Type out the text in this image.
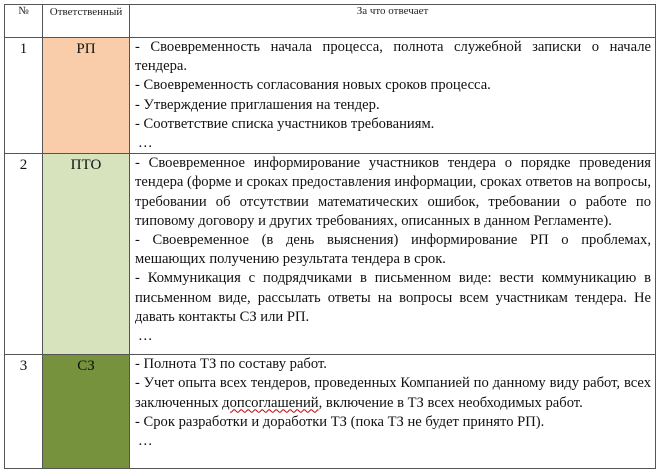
№	Ответственный	За что отвечает
1	РП	- Своевременность начала процесса, полнота служебной записки о начале тендера.

- Своевременность согласования новых сроков процесса.

- Утверждение приглашения на тендер.

- Соответствие списка участников требованиям.

…

2	ПТО	- Своевременное информирование участников тендера о порядке проведения тендера (форме и сроках предоставления информации, сроках ответов на вопросы, требовании об отсутствии математических ошибок, требовании о работе по типовому договору и других требованиях, описанных в данном Регламенте).

- Своевременное (в день выяснения) информирование РП о проблемах, мешающих получению результата тендера в срок.

- Коммуникация с подрядчиками в письменном виде: вести коммуникацию в письменном виде, рассылать ответы на вопросы всем участникам тендера. Не давать контакты СЗ или РП.

…

3	СЗ	- Полнота ТЗ по составу работ.

- Учет опыта всех тендеров, проведенных Компанией по данному виду работ, всех заключенных допсоглашений, включение в ТЗ всех необходимых работ.

- Срок разработки и доработки ТЗ (пока ТЗ не будет принято РП).

…
